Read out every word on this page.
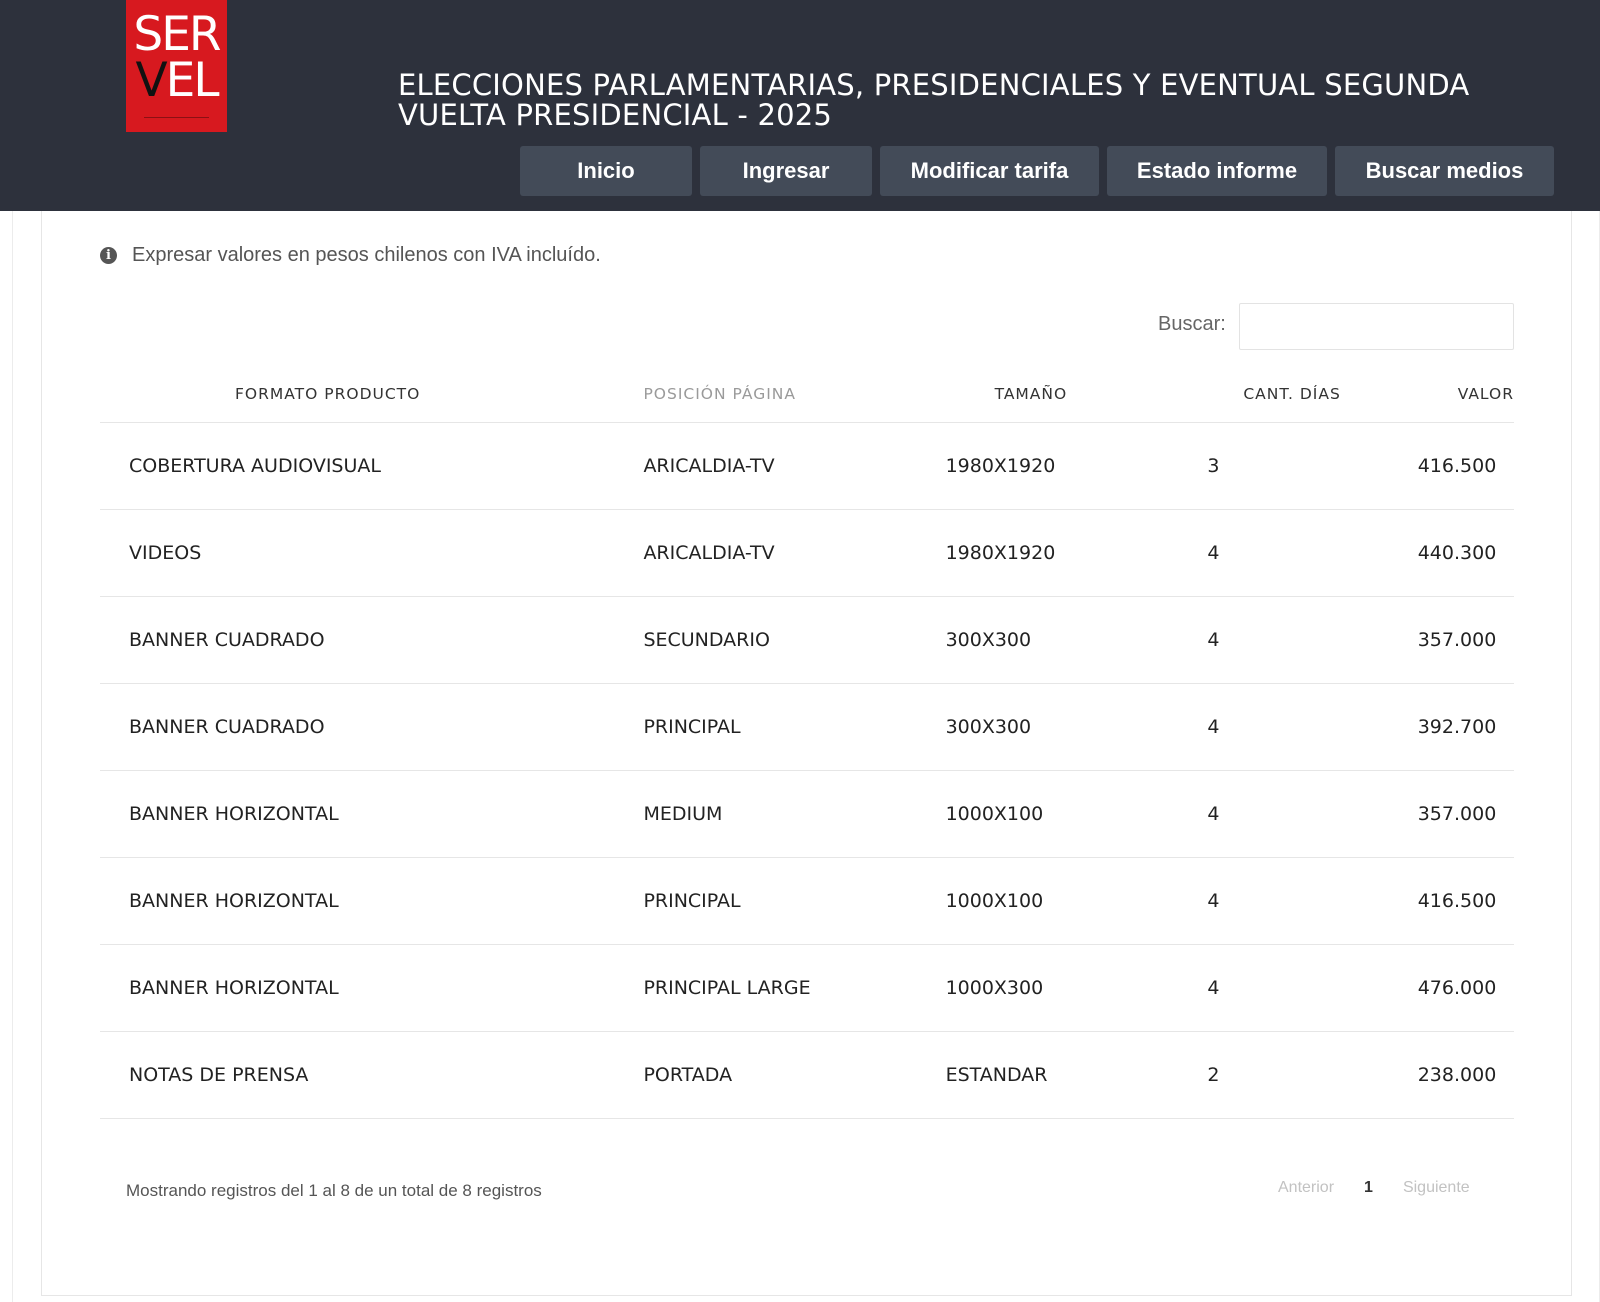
SER
VEL	ELECCIONES PARLAMENTARIAS, PRESIDENCIALES Y EVENTUAL SEGUNDA
VUELTA PRESIDENCIAL - 2025
Inicio	Ingresar	Modificar tarifa	Estado informe	Buscar medios
i	Expresar valores en pesos chilenos con IVA incluído.
Buscar:
FORMATO PRODUCTO	POSICIÓN PÁGINA	TAMAÑO	CANT. DÍAS	VALOR
COBERTURA AUDIOVISUAL	ARICALDIA-TV	1980X1920	3	416.500
VIDEOS	ARICALDIA-TV	1980X1920	4	440.300
BANNER CUADRADO	SECUNDARIO	300X300	4	357.000
BANNER CUADRADO	PRINCIPAL	300X300	4	392.700
BANNER HORIZONTAL	MEDIUM	1000X100	4	357.000
BANNER HORIZONTAL	PRINCIPAL	1000X100	4	416.500
BANNER HORIZONTAL	PRINCIPAL LARGE	1000X300	4	476.000
NOTAS DE PRENSA	PORTADA	ESTANDAR	2	238.000
Mostrando registros del 1 al 8 de un total de 8 registros	Anterior 1 Siguiente
